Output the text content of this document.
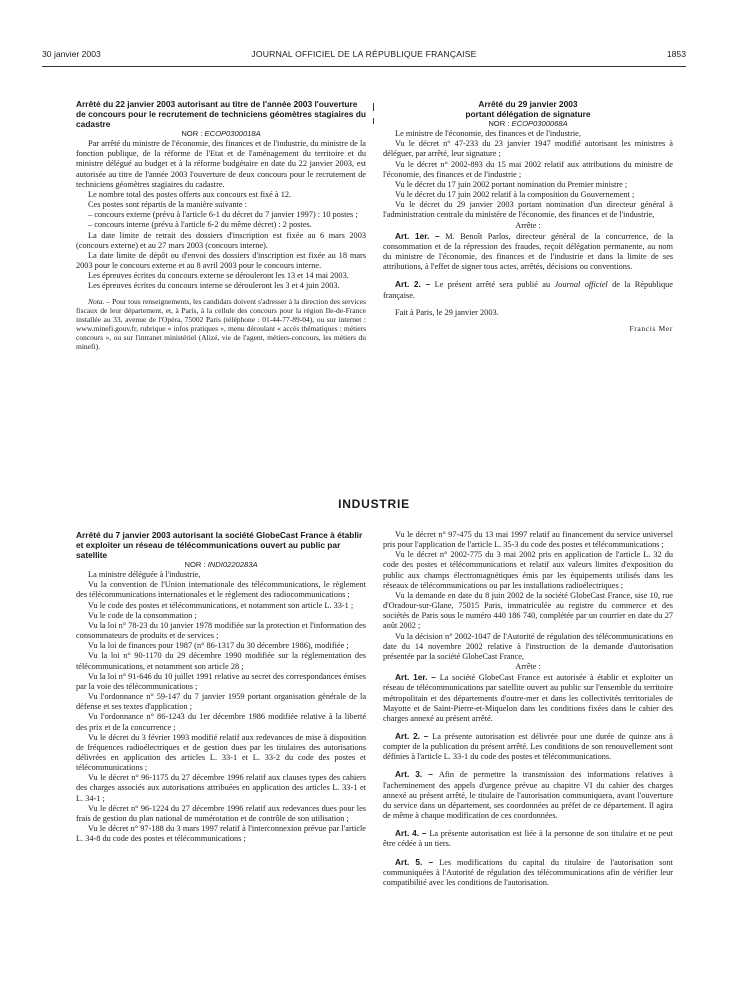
30 janvier 2003	JOURNAL OFFICIEL DE LA RÉPUBLIQUE FRANÇAISE	1853

Arrêté du 22 janvier 2003 autorisant au titre de l'année 2003 l'ouverture de concours pour le recrutement de techniciens géomètres stagiaires du cadastre

NOR : ECOP0300018A

Par arrêté du ministre de l'économie, des finances et de l'industrie, du ministre de la fonction publique, de la réforme de l'Etat et de l'aménagement du territoire et du ministre délégué au budget et à la réforme budgétaire en date du 22 janvier 2003, est autorisée au titre de l'année 2003 l'ouverture de deux concours pour le recrutement de techniciens géomètres stagiaires du cadastre.

Le nombre total des postes offerts aux concours est fixé à 12.

Ces postes sont répartis de la manière suivante :

– concours externe (prévu à l'article 6-1 du décret du 7 janvier 1997) : 10 postes ;

– concours interne (prévu à l'article 6-2 du même décret) : 2 postes.

La date limite de retrait des dossiers d'inscription est fixée au 6 mars 2003 (concours externe) et au 27 mars 2003 (concours interne).

La date limite de dépôt ou d'envoi des dossiers d'inscription est fixée au 18 mars 2003 pour le concours externe et au 8 avril 2003 pour le concours interne.

Les épreuves écrites du concours externe se dérouleront les 13 et 14 mai 2003.

Les épreuves écrites du concours interne se dérouleront les 3 et 4 juin 2003.

Nota. – Pour tous renseignements, les candidats doivent s'adresser à la direction des services fiscaux de leur département, et, à Paris, à la cellule des concours pour la région Ile-de-France installée au 33, avenue de l'Opéra, 75002 Paris (téléphone : 01-44-77-89-04), ou sur internet : www.minefi.gouv.fr, rubrique « infos pratiques », menu déroulant « accès thématiques : métiers concours », ou sur l'intranet ministériel (Alizé, vie de l'agent, métiers-concours, les métiers du minefi).

Arrêté du 29 janvier 2003
portant délégation de signature

NOR : ECOP0300068A

Le ministre de l'économie, des finances et de l'industrie,

Vu le décret n° 47-233 du 23 janvier 1947 modifié autorisant les ministres à déléguer, par arrêté, leur signature ;

Vu le décret n° 2002-893 du 15 mai 2002 relatif aux attributions du ministre de l'économie, des finances et de l'industrie ;

Vu le décret du 17 juin 2002 portant nomination du Premier ministre ;

Vu le décret du 17 juin 2002 relatif à la composition du Gouvernement ;

Vu le décret du 29 janvier 2003 portant nomination d'un directeur général à l'administration centrale du ministère de l'économie, des finances et de l'industrie,

Arrête :

Art. 1er. – M. Benoît Parlos, directeur général de la concurrence, de la consommation et de la répression des fraudes, reçoit délégation permanente, au nom du ministre de l'économie, des finances et de l'industrie et dans la limite de ses attributions, à l'effet de signer tous actes, arrêtés, décisions ou conventions.

Art. 2. – Le présent arrêté sera publié au Journal officiel de la République française.

Fait à Paris, le 29 janvier 2003.

Francis Mer

INDUSTRIE

Arrêté du 7 janvier 2003 autorisant la société GlobeCast France à établir et exploiter un réseau de télécommunications ouvert au public par satellite

NOR : INDI0220283A

La ministre déléguée à l'industrie,

Vu la convention de l'Union internationale des télécommunications, le règlement des télécommunications internationales et le règlement des radiocommunications ;

Vu le code des postes et télécommunications, et notamment son article L. 33-1 ;

Vu le code de la consommation ;

Vu la loi n° 78-23 du 10 janvier 1978 modifiée sur la protection et l'information des consommateurs de produits et de services ;

Vu la loi de finances pour 1987 (n° 86-1317 du 30 décembre 1986), modifiée ;

Vu la loi n° 90-1170 du 29 décembre 1990 modifiée sur la réglementation des télécommunications, et notamment son article 28 ;

Vu la loi n° 91-646 du 10 juillet 1991 relative au secret des correspondances émises par la voie des télécommunications ;

Vu l'ordonnance n° 59-147 du 7 janvier 1959 portant organisation générale de la défense et ses textes d'application ;

Vu l'ordonnance n° 86-1243 du 1er décembre 1986 modifiée relative à la liberté des prix et de la concurrence ;

Vu le décret du 3 février 1993 modifié relatif aux redevances de mise à disposition de fréquences radioélectriques et de gestion dues par les titulaires des autorisations délivrées en application des articles L. 33-1 et L. 33-2 du code des postes et télécommunications ;

Vu le décret n° 96-1175 du 27 décembre 1996 relatif aux clauses types des cahiers des charges associés aux autorisations attribuées en application des articles L. 33-1 et L. 34-1 ;

Vu le décret n° 96-1224 du 27 décembre 1996 relatif aux redevances dues pour les frais de gestion du plan national de numérotation et de contrôle de son utilisation ;

Vu le décret n° 97-188 du 3 mars 1997 relatif à l'interconnexion prévue par l'article L. 34-8 du code des postes et télécommunications ;

Vu le décret n° 97-475 du 13 mai 1997 relatif au financement du service universel pris pour l'application de l'article L. 35-3 du code des postes et télécommunications ;

Vu le décret n° 2002-775 du 3 mai 2002 pris en application de l'article L. 32 du code des postes et télécommunications et relatif aux valeurs limites d'exposition du public aux champs électromagnétiques émis par les équipements utilisés dans les réseaux de télécommunications ou par les installations radioélectriques ;

Vu la demande en date du 8 juin 2002 de la société GlobeCast France, sise 10, rue d'Oradour-sur-Glane, 75015 Paris, immatriculée au registre du commerce et des sociétés de Paris sous le numéro 440 186 740, complétée par un courrier en date du 27 août 2002 ;

Vu la décision n° 2002-1047 de l'Autorité de régulation des télécommunications en date du 14 novembre 2002 relative à l'instruction de la demande d'autorisation présentée par la société GlobeCast France,

Arrête :

Art. 1er. – La société GlobeCast France est autorisée à établir et exploiter un réseau de télécommunications par satellite ouvert au public sur l'ensemble du territoire métropolitain et des départements d'outre-mer et dans les collectivités territoriales de Mayotte et de Saint-Pierre-et-Miquelon dans les conditions fixées dans le cahier des charges annexé au présent arrêté.

Art. 2. – La présente autorisation est délivrée pour une durée de quinze ans à compter de la publication du présent arrêté. Les conditions de son renouvellement sont définies à l'article L. 33-1 du code des postes et télécommunications.

Art. 3. – Afin de permettre la transmission des informations relatives à l'acheminement des appels d'urgence prévue au chapitre VI du cahier des charges annexé au présent arrêté, le titulaire de l'autorisation communiquera, avant l'ouverture du service dans un département, ses coordonnées au préfet de ce département. Il agira de même à chaque modification de ces coordonnées.

Art. 4. – La présente autorisation est liée à la personne de son titulaire et ne peut être cédée à un tiers.

Art. 5. – Les modifications du capital du titulaire de l'autorisation sont communiquées à l'Autorité de régulation des télécommunications afin de vérifier leur compatibilité avec les conditions de l'autorisation.
